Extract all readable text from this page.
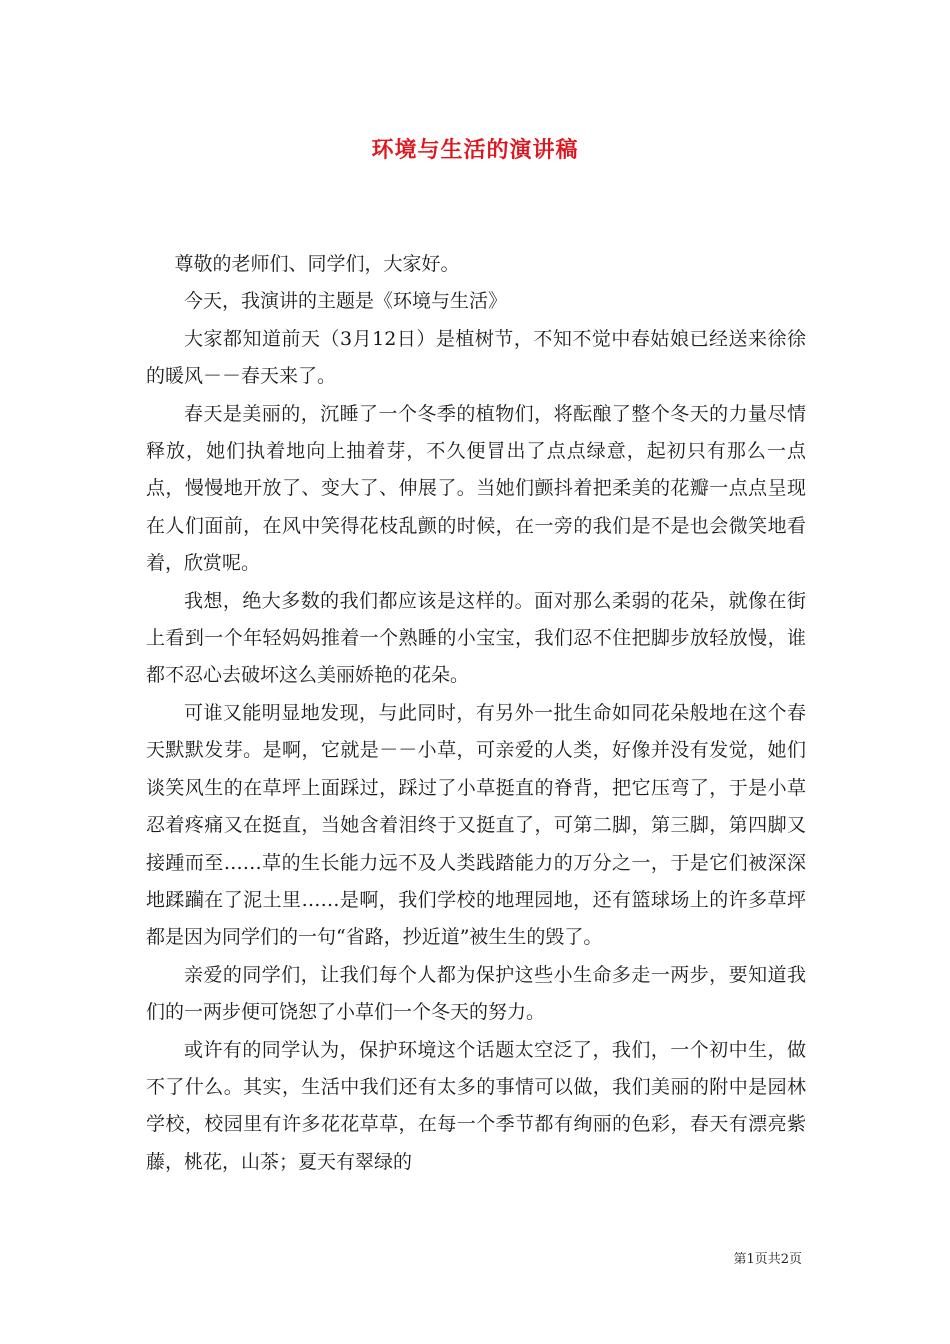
环境与生活的演讲稿

尊敬的老师们、同学们，大家好。

今天，我演讲的主题是《环境与生活》

大家都知道前天（3月12日）是植树节，不知不觉中春姑娘已经送来徐徐的暖风－－春天来了。

春天是美丽的，沉睡了一个冬季的植物们，将酝酿了整个冬天的力量尽情释放，她们执着地向上抽着芽，不久便冒出了点点绿意，起初只有那么一点点，慢慢地开放了、变大了、伸展了。当她们颤抖着把柔美的花瓣一点点呈现在人们面前，在风中笑得花枝乱颤的时候，在一旁的我们是不是也会微笑地看着，欣赏呢。

我想，绝大多数的我们都应该是这样的。面对那么柔弱的花朵，就像在街上看到一个年轻妈妈推着一个熟睡的小宝宝，我们忍不住把脚步放轻放慢，谁都不忍心去破坏这么美丽娇艳的花朵。

可谁又能明显地发现，与此同时，有另外一批生命如同花朵般地在这个春天默默发芽。是啊，它就是－－小草，可亲爱的人类，好像并没有发觉，她们谈笑风生的在草坪上面踩过，踩过了小草挺直的脊背，把它压弯了，于是小草忍着疼痛又在挺直，当她含着泪终于又挺直了，可第二脚，第三脚，第四脚又接踵而至……草的生长能力远不及人类践踏能力的万分之一，于是它们被深深地蹂躏在了泥土里……是啊，我们学校的地理园地，还有篮球场上的许多草坪都是因为同学们的一句“省路，抄近道”被生生的毁了。

亲爱的同学们，让我们每个人都为保护这些小生命多走一两步，要知道我们的一两步便可饶恕了小草们一个冬天的努力。

或许有的同学认为，保护环境这个话题太空泛了，我们，一个初中生，做不了什么。其实，生活中我们还有太多的事情可以做，我们美丽的附中是园林学校，校园里有许多花花草草，在每一个季节都有绚丽的色彩，春天有漂亮紫藤，桃花，山茶；夏天有翠绿的

第1页共2页
